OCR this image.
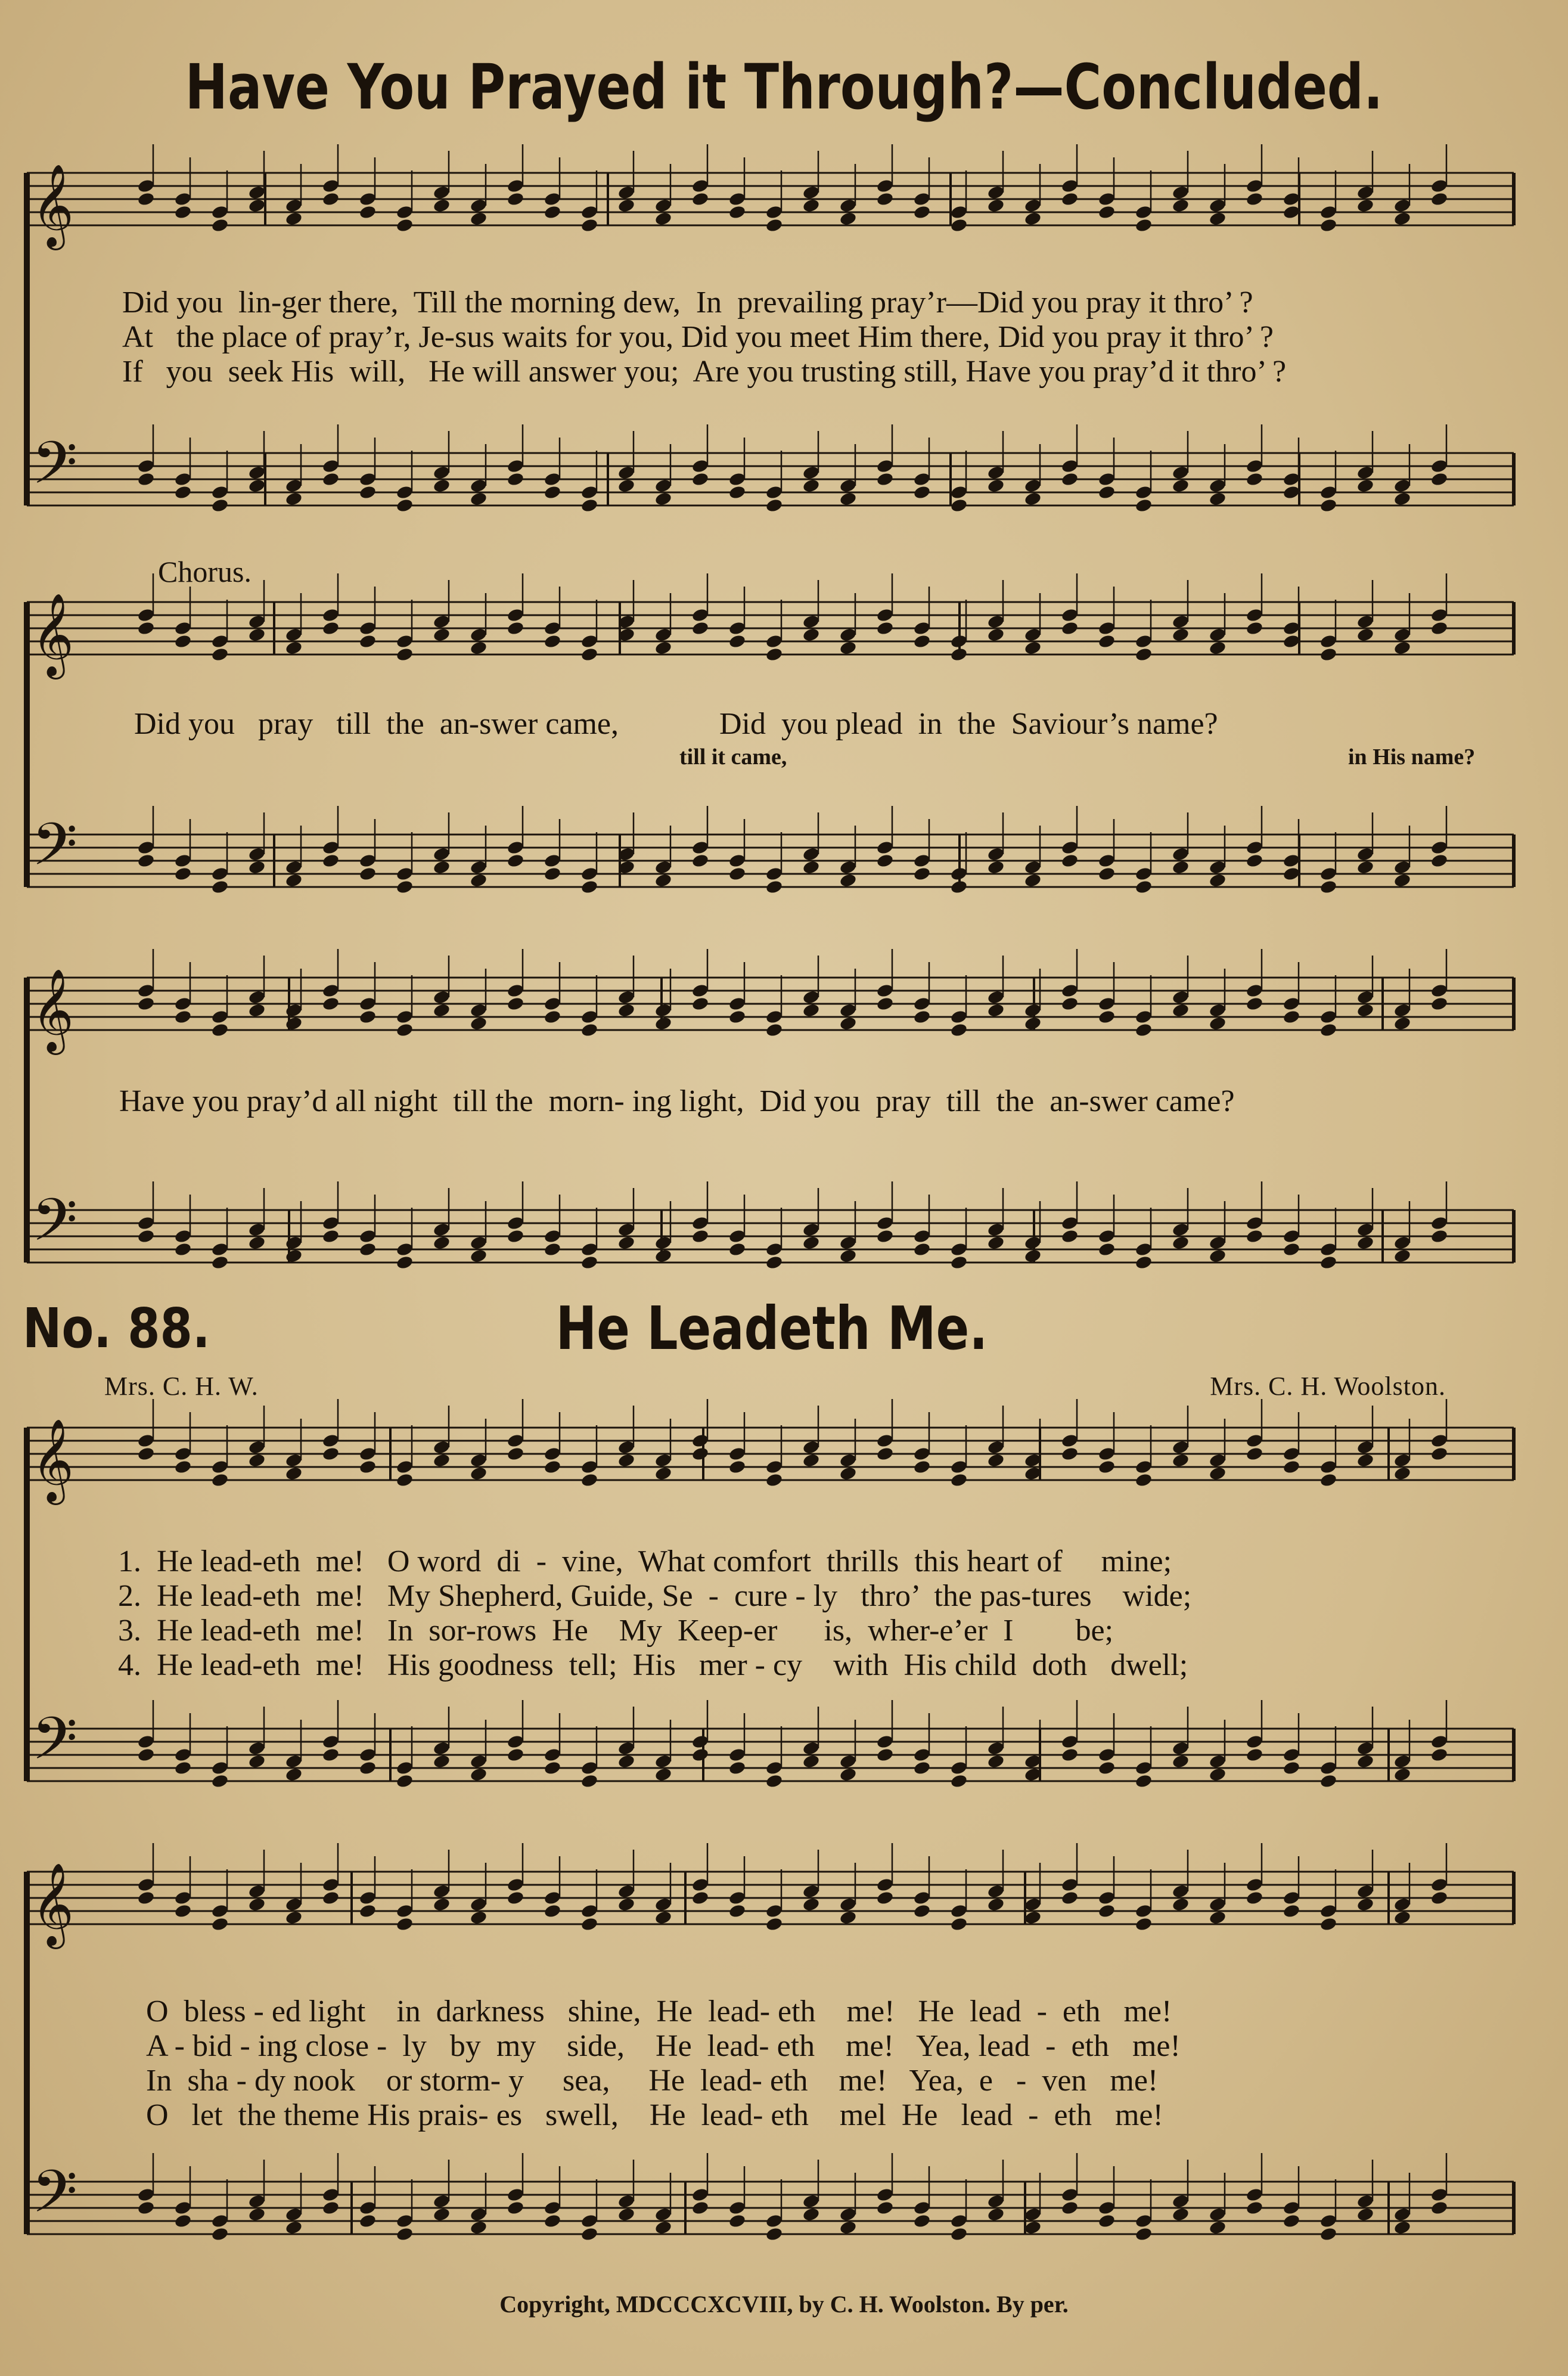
Have You Prayed it Through?—Concluded.
𝄞
𝄢
𝄞
𝄢
𝄞
𝄢
𝄞
𝄢
𝄞
𝄢
Did you  lin-ger there,  Till the morning dew,  In  prevailing pray’r—Did you pray it thro’ ?
At   the place of pray’r, Je-sus waits for you, Did you meet Him there, Did you pray it thro’ ?
If   you  seek His  will,   He will answer you;  Are you trusting still, Have you pray’d it thro’ ?
Chorus.
Did you   pray   till  the  an-swer came,             Did  you plead  in  the  Saviour’s name?
till it came,	in His name?
Have you pray’d all night  till the  morn- ing light,  Did you  pray  till  the  an-swer came?
No. 88.	He Leadeth Me.
Mrs. C. H. W.	Mrs. C. H. Woolston.
1.  He lead-eth  me!   O word  di  -  vine,  What comfort  thrills  this heart of     mine;
2.  He lead-eth  me!   My Shepherd, Guide, Se  -  cure - ly   thro’  the pas-tures    wide;
3.  He lead-eth  me!   In  sor-rows  He    My  Keep-er      is,  wher-e’er  I        be;
4.  He lead-eth  me!   His goodness  tell;  His   mer - cy    with  His child  doth   dwell;
O  bless - ed light    in  darkness   shine,  He  lead- eth    me!   He  lead  -  eth   me!
A - bid - ing close -  ly   by  my    side,    He  lead- eth    me!   Yea, lead  -  eth   me!
In  sha - dy nook    or storm- y     sea,     He  lead- eth    me!   Yea,  e   -  ven   me!
O   let  the theme His prais- es   swell,    He  lead- eth    mel  He   lead  -  eth   me!
Copyright, MDCCCXCVIII, by C. H. Woolston. By per.
